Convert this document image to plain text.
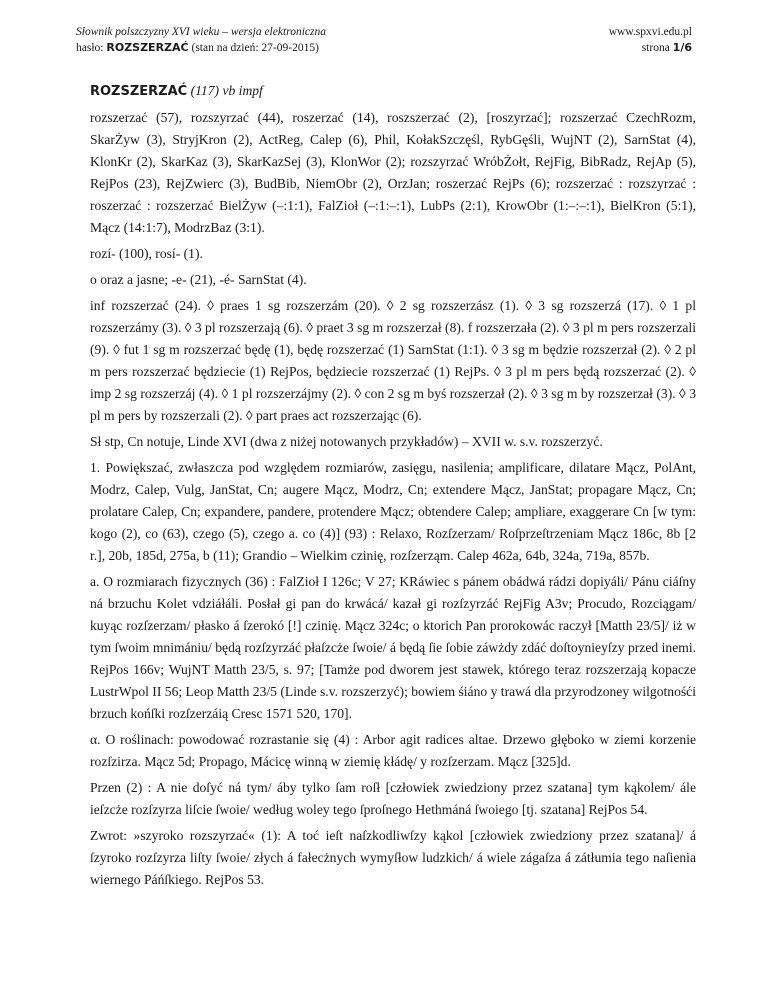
Słownik polszczyzny XVI wieku – wersja elektroniczna
hasło: ROZSZERZAĆ (stan na dzień: 27-09-2015)
www.spxvi.edu.pl
strona 1/6

ROZSZERZAĆ (117) vb impf

rozszerzać (57), rozszyrzać (44), roszerzać (14), roszszerzać (2), [roszyrzać]; rozszerzać CzechRozm, SkarŻyw (3), StryjKron (2), ActReg, Calep (6), Phil, KołakSzczęśl, RybGęśli, WujNT (2), SarnStat (4), KlonKr (2), SkarKaz (3), SkarKazSej (3), KlonWor (2); rozszyrzać WróbŻołt, RejFig, BibRadz, RejAp (5), RejPos (23), RejZwierc (3), BudBib, NiemObr (2), OrzJan; roszerzać RejPs (6); rozszerzać : rozszyrzać : roszerzać : rozszerzać BielŻyw (–:1:1), FalZioł (–:1:–:1), LubPs (2:1), KrowObr (1:–:–:1), BielKron (5:1), Mącz (14:1:7), ModrzBaz (3:1).

rozí- (100), rosí- (1).

o oraz a jasne; -e- (21), -é- SarnStat (4).

inf rozszerzać (24). ◊ praes 1 sg rozszerzám (20). ◊ 2 sg rozszerzász (1). ◊ 3 sg rozszerzá (17). ◊ 1 pl rozszerzámy (3). ◊ 3 pl rozszerzają (6). ◊ praet 3 sg m rozszerzał (8). f rozszerzała (2). ◊ 3 pl m pers rozszerzali (9). ◊ fut 1 sg m rozszerzać będę (1), będę rozszerzać (1) SarnStat (1:1). ◊ 3 sg m będzie rozszerzał (2). ◊ 2 pl m pers rozszerzać będziecie (1) RejPos, będziecie rozszerzać (1) RejPs. ◊ 3 pl m pers będą rozszerzać (2). ◊ imp 2 sg rozszerzáj (4). ◊ 1 pl rozszerzájmy (2). ◊ con 2 sg m byś rozszerzał (2). ◊ 3 sg m by rozszerzał (3). ◊ 3 pl m pers by rozszerzali (2). ◊ part praes act rozszerzając (6).

Sł stp, Cn notuje, Linde XVI (dwa z niżej notowanych przykładów) – XVII w. s.v. rozszerzyć.

1. Powiększać, zwłaszcza pod względem rozmiarów, zasięgu, nasilenia; amplificare, dilatare Mącz, PolAnt, Modrz, Calep, Vulg, JanStat, Cn; augere Mącz, Modrz, Cn; extendere Mącz, JanStat; propagare Mącz, Cn; prolatare Calep, Cn; expandere, pandere, protendere Mącz; obtendere Calep; ampliare, exaggerare Cn [w tym: kogo (2), co (63), czego (5), czego a. co (4)] (93) : Relaxo, Rozſzerzam/ Roſprzeſtrzeniam Mącz 186c, 8b [2 r.], 20b, 185d, 275a, b (11); Grandio – Wielkim czinię, rozſzerząm. Calep 462a, 64b, 324a, 719a, 857b.

a. O rozmiarach fizycznych (36) : FalZioł I 126c; V 27; KRáwiec s pánem obádwá rádzi dopiyáli/ Pánu ciáſny ná brzuchu Kolet vdziáłáli. Posłał gi pan do krwácá/ kazał gi rozſzyrzáć RejFig A3v; Procudo, Rozciągam/ kuyąc rozſzerzam/ płasko á ſzerokó [!] czinię. Mącz 324c; o ktorich Pan prorokowác raczył [Matth 23/5]/ iż w tym ſwoim mnimániu/ będą rozſzyrzáć płaſzcże ſwoie/ á będą ſie ſobie záwżdy zdáć doſtoynieyſzy przed inemi. RejPos 166v; WujNT Matth 23/5, s. 97; [Tamże pod dworem jest stawek, którego teraz rozszerzają kopacze LustrWpol II 56; Leop Matth 23/5 (Linde s.v. rozszerzyć); bowiem śiáno y trawá dla przyrodzoney wilgotnośći brzuch końſki rozſzerzáią Cresc 1571 520, 170].

α. O roślinach: powodować rozrastanie się (4) : Arbor agit radices altae. Drzewo głęboko w ziemi korzenie rozſzirza. Mącz 5d; Propago, Mácicę winną w ziemię kłádę/ y rozſzerzam. Mącz [325]d.

Przen (2) : A nie doſyć ná tym/ áby tylko ſam roſł [człowiek zwiedziony przez szatana] tym kąkolem/ ále ieſzcże rozſzyrza liſcie ſwoie/ według woley tego ſproſnego Hethmáná ſwoiego [tj. szatana] RejPos 54.

Zwrot: »szyroko rozszyrzać« (1): A toć ieſt naſzkodliwſzy kąkol [człowiek zwiedziony przez szatana]/ á ſzyroko rozſzyrza liſty ſwoie/ złych á fałecżnych wymyſłow ludzkich/ á wiele zágaſza á zátłumia tego naſienia wiernego Páńſkiego. RejPos 53.
